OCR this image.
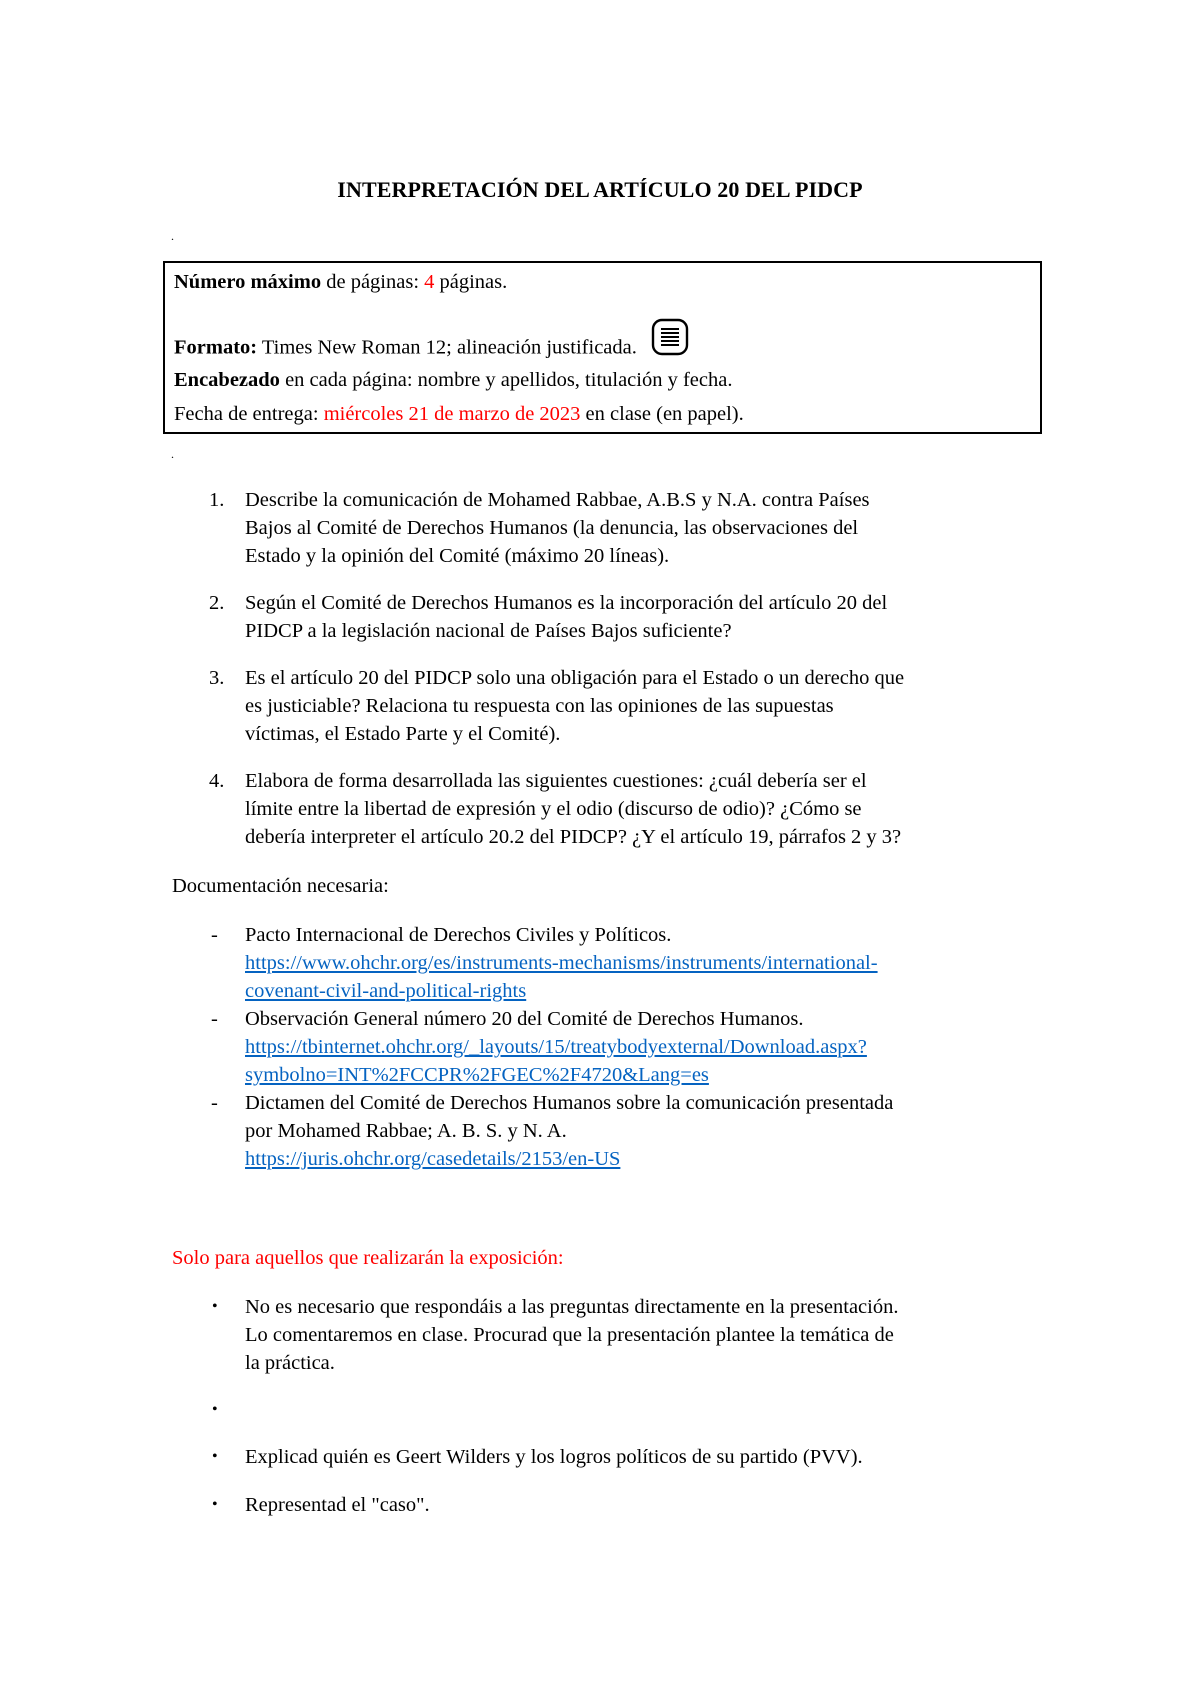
INTERPRETACIÓN DEL ARTÍCULO 20 DEL PIDCP
.
Número máximo de páginas: 4 páginas.
Formato: Times New Roman 12; alineación justificada.
Encabezado en cada página: nombre y apellidos, titulación y fecha.
Fecha de entrega: miércoles 21 de marzo de 2023 en clase (en papel).
.
1.	Describe la comunicación de Mohamed Rabbae, A.B.S y N.A. contra Países
Bajos al Comité de Derechos Humanos (la denuncia, las observaciones del
Estado y la opinión del Comité (máximo 20 líneas).
2.	Según el Comité de Derechos Humanos es la incorporación del artículo 20 del
PIDCP a la legislación nacional de Países Bajos suficiente?
3.	Es el artículo 20 del PIDCP solo una obligación para el Estado o un derecho que
es justiciable? Relaciona tu respuesta con las opiniones de las supuestas
víctimas, el Estado Parte y el Comité).
4.	Elabora de forma desarrollada las siguientes cuestiones: ¿cuál debería ser el
límite entre la libertad de expresión y el odio (discurso de odio)? ¿Cómo se
debería interpreter el artículo 20.2 del PIDCP? ¿Y el artículo 19, párrafos 2 y 3?
Documentación necesaria:
- Pacto Internacional de Derechos Civiles y Políticos.
https://www.ohchr.org/es/instruments-mechanisms/instruments/international-
covenant-civil-and-political-rights
- Observación General número 20 del Comité de Derechos Humanos.
https://tbinternet.ohchr.org/_layouts/15/treatybodyexternal/Download.aspx?
symbolno=INT%2FCCPR%2FGEC%2F4720&Lang=es
- Dictamen del Comité de Derechos Humanos sobre la comunicación presentada
por Mohamed Rabbae; A. B. S. y N. A.
https://juris.ohchr.org/casedetails/2153/en-US
Solo para aquellos que realizarán la exposición:
• No es necesario que respondáis a las preguntas directamente en la presentación.
Lo comentaremos en clase. Procurad que la presentación plantee la temática de
la práctica.
•
• Explicad quién es Geert Wilders y los logros políticos de su partido (PVV).
• Representad el "caso".
